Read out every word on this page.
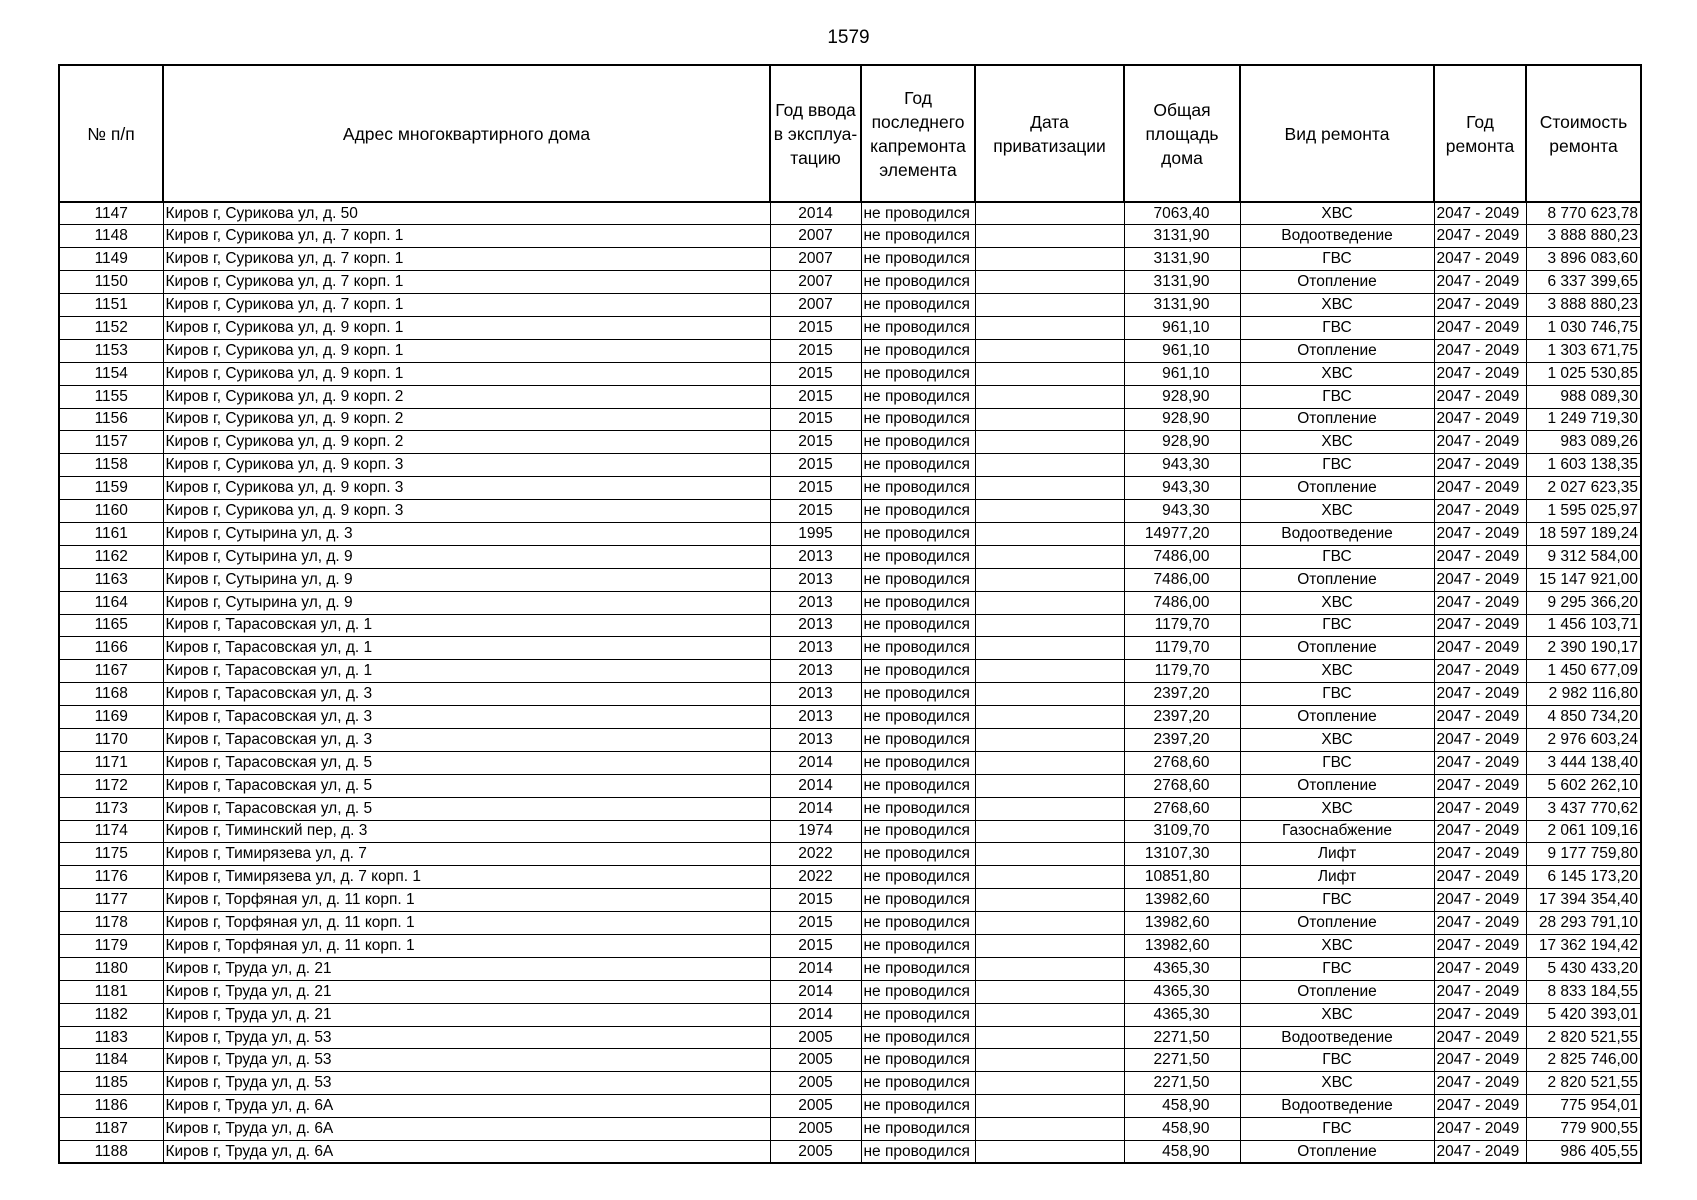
1579
№ п/п	Адрес многоквартирного дома	Год ввода в эксплуа-тацию	Год последнего капремонта элемента	Дата приватизации	Общая площадь дома	Вид ремонта	Год ремонта	Стоимость ремонта
1147	Киров г, Сурикова ул, д. 50	2014	не проводился		7063,40	ХВС	2047 - 2049	8 770 623,78
1148	Киров г, Сурикова ул, д. 7 корп. 1	2007	не проводился		3131,90	Водоотведение	2047 - 2049	3 888 880,23
1149	Киров г, Сурикова ул, д. 7 корп. 1	2007	не проводился		3131,90	ГВС	2047 - 2049	3 896 083,60
1150	Киров г, Сурикова ул, д. 7 корп. 1	2007	не проводился		3131,90	Отопление	2047 - 2049	6 337 399,65
1151	Киров г, Сурикова ул, д. 7 корп. 1	2007	не проводился		3131,90	ХВС	2047 - 2049	3 888 880,23
1152	Киров г, Сурикова ул, д. 9 корп. 1	2015	не проводился		961,10	ГВС	2047 - 2049	1 030 746,75
1153	Киров г, Сурикова ул, д. 9 корп. 1	2015	не проводился		961,10	Отопление	2047 - 2049	1 303 671,75
1154	Киров г, Сурикова ул, д. 9 корп. 1	2015	не проводился		961,10	ХВС	2047 - 2049	1 025 530,85
1155	Киров г, Сурикова ул, д. 9 корп. 2	2015	не проводился		928,90	ГВС	2047 - 2049	988 089,30
1156	Киров г, Сурикова ул, д. 9 корп. 2	2015	не проводился		928,90	Отопление	2047 - 2049	1 249 719,30
1157	Киров г, Сурикова ул, д. 9 корп. 2	2015	не проводился		928,90	ХВС	2047 - 2049	983 089,26
1158	Киров г, Сурикова ул, д. 9 корп. 3	2015	не проводился		943,30	ГВС	2047 - 2049	1 603 138,35
1159	Киров г, Сурикова ул, д. 9 корп. 3	2015	не проводился		943,30	Отопление	2047 - 2049	2 027 623,35
1160	Киров г, Сурикова ул, д. 9 корп. 3	2015	не проводился		943,30	ХВС	2047 - 2049	1 595 025,97
1161	Киров г, Сутырина ул, д. 3	1995	не проводился		14977,20	Водоотведение	2047 - 2049	18 597 189,24
1162	Киров г, Сутырина ул, д. 9	2013	не проводился		7486,00	ГВС	2047 - 2049	9 312 584,00
1163	Киров г, Сутырина ул, д. 9	2013	не проводился		7486,00	Отопление	2047 - 2049	15 147 921,00
1164	Киров г, Сутырина ул, д. 9	2013	не проводился		7486,00	ХВС	2047 - 2049	9 295 366,20
1165	Киров г, Тарасовская ул, д. 1	2013	не проводился		1179,70	ГВС	2047 - 2049	1 456 103,71
1166	Киров г, Тарасовская ул, д. 1	2013	не проводился		1179,70	Отопление	2047 - 2049	2 390 190,17
1167	Киров г, Тарасовская ул, д. 1	2013	не проводился		1179,70	ХВС	2047 - 2049	1 450 677,09
1168	Киров г, Тарасовская ул, д. 3	2013	не проводился		2397,20	ГВС	2047 - 2049	2 982 116,80
1169	Киров г, Тарасовская ул, д. 3	2013	не проводился		2397,20	Отопление	2047 - 2049	4 850 734,20
1170	Киров г, Тарасовская ул, д. 3	2013	не проводился		2397,20	ХВС	2047 - 2049	2 976 603,24
1171	Киров г, Тарасовская ул, д. 5	2014	не проводился		2768,60	ГВС	2047 - 2049	3 444 138,40
1172	Киров г, Тарасовская ул, д. 5	2014	не проводился		2768,60	Отопление	2047 - 2049	5 602 262,10
1173	Киров г, Тарасовская ул, д. 5	2014	не проводился		2768,60	ХВС	2047 - 2049	3 437 770,62
1174	Киров г, Тиминский пер, д. 3	1974	не проводился		3109,70	Газоснабжение	2047 - 2049	2 061 109,16
1175	Киров г, Тимирязева ул, д. 7	2022	не проводился		13107,30	Лифт	2047 - 2049	9 177 759,80
1176	Киров г, Тимирязева ул, д. 7 корп. 1	2022	не проводился		10851,80	Лифт	2047 - 2049	6 145 173,20
1177	Киров г, Торфяная ул, д. 11 корп. 1	2015	не проводился		13982,60	ГВС	2047 - 2049	17 394 354,40
1178	Киров г, Торфяная ул, д. 11 корп. 1	2015	не проводился		13982,60	Отопление	2047 - 2049	28 293 791,10
1179	Киров г, Торфяная ул, д. 11 корп. 1	2015	не проводился		13982,60	ХВС	2047 - 2049	17 362 194,42
1180	Киров г, Труда ул, д. 21	2014	не проводился		4365,30	ГВС	2047 - 2049	5 430 433,20
1181	Киров г, Труда ул, д. 21	2014	не проводился		4365,30	Отопление	2047 - 2049	8 833 184,55
1182	Киров г, Труда ул, д. 21	2014	не проводился		4365,30	ХВС	2047 - 2049	5 420 393,01
1183	Киров г, Труда ул, д. 53	2005	не проводился		2271,50	Водоотведение	2047 - 2049	2 820 521,55
1184	Киров г, Труда ул, д. 53	2005	не проводился		2271,50	ГВС	2047 - 2049	2 825 746,00
1185	Киров г, Труда ул, д. 53	2005	не проводился		2271,50	ХВС	2047 - 2049	2 820 521,55
1186	Киров г, Труда ул, д. 6А	2005	не проводился		458,90	Водоотведение	2047 - 2049	775 954,01
1187	Киров г, Труда ул, д. 6А	2005	не проводился		458,90	ГВС	2047 - 2049	779 900,55
1188	Киров г, Труда ул, д. 6А	2005	не проводился		458,90	Отопление	2047 - 2049	986 405,55
